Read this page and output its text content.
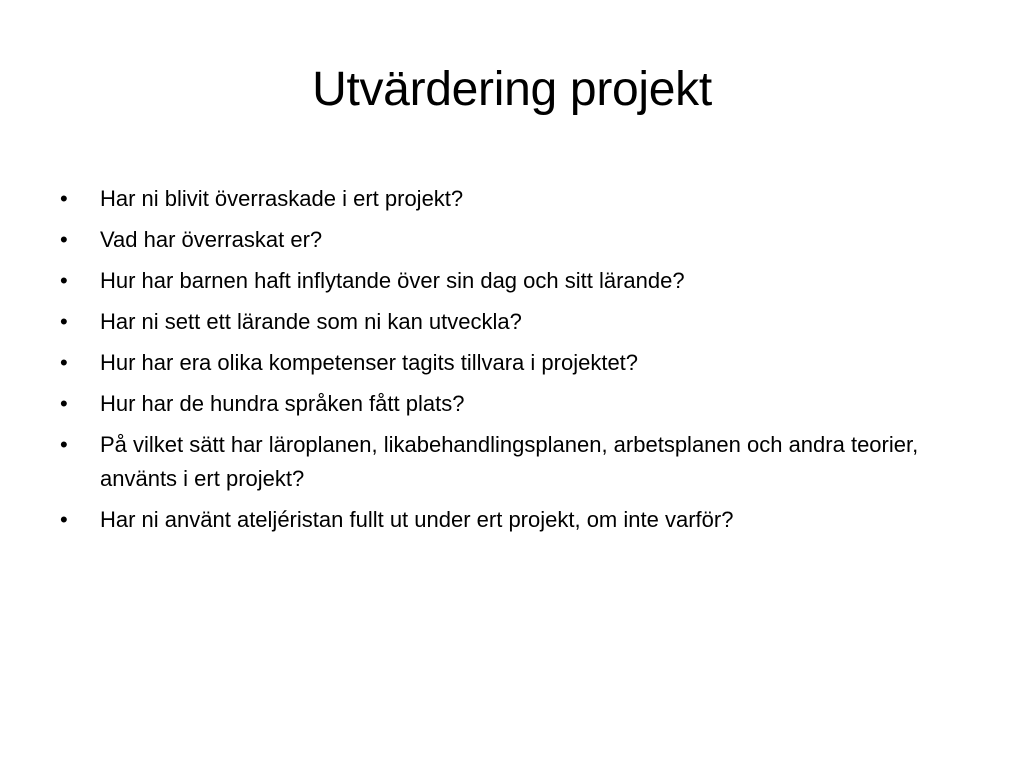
Utvärdering projekt
•	Har ni blivit överraskade i ert projekt?
•	Vad har överraskat er?
•	Hur har barnen haft inflytande över sin dag och sitt lärande?
•	Har ni sett ett lärande som ni kan utveckla?
•	Hur har era olika kompetenser tagits tillvara i projektet?
•	Hur har de hundra språken fått plats?
•	På vilket sätt har läroplanen, likabehandlingsplanen, arbetsplanen och andra teorier, använts i ert projekt?
•	Har ni använt ateljéristan fullt ut under ert projekt, om inte varför?
